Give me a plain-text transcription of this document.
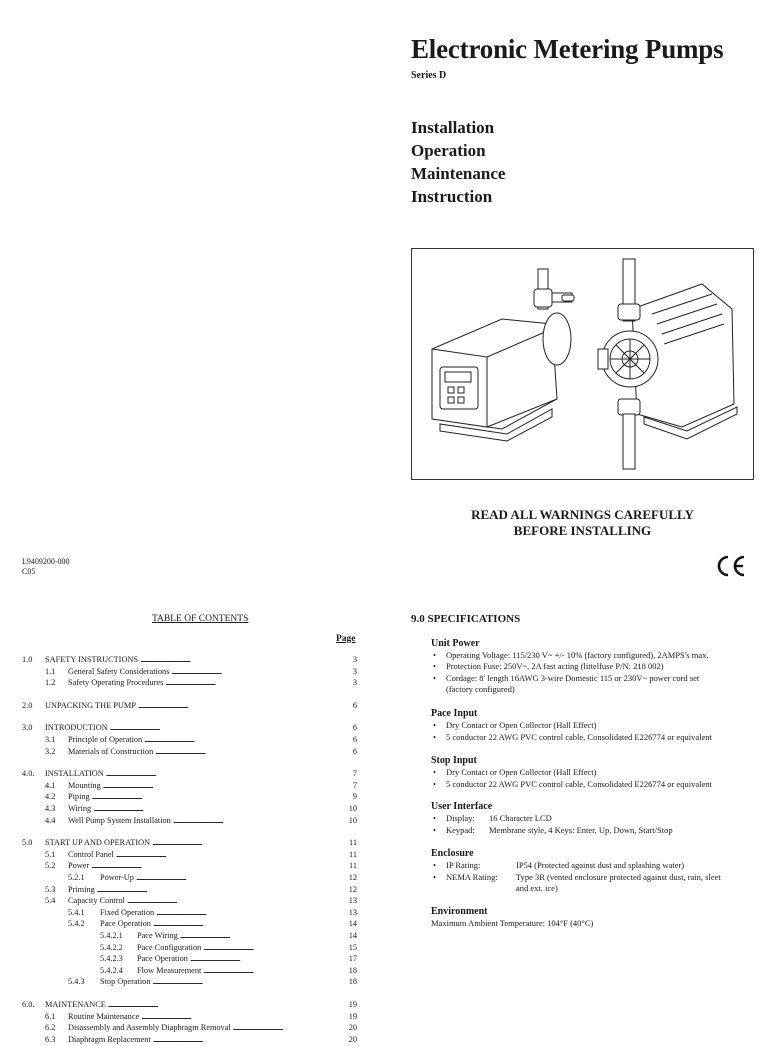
Electronic Metering Pumps
Series D
Installation
Operation
Maintenance
Instruction
READ ALL WARNINGS CAREFULLY
BEFORE INSTALLING
L9409200-000
C05
TABLE OF CONTENTS
Page
1.0 SAFETY INSTRUCTIONS . . .	3
1.1 General Safety Considerations . . .	3
1.2 Safety Operating Procedures . . .	3
2.0 UNPACKING THE PUMP . . .	6
3.0 INTRODUCTION . . .	6
3.1 Principle of Operation . . .	6
3.2 Materials of Construction . . .	6
4.0. INSTALLATION . . .	7
4.1 Mounting . . .	7
4.2 Piping . . .	9
4.3 Wiring . . .	10
4.4 Well Pump System Installation . . .	10
5.0 START UP AND OPERATION . . .	11
5.1 Control Panel . . .	11
5.2 Power . . .	11
5.2.1 Power-Up . . .	12
5.3 Priming . . .	12
5.4 Capacity Control . . .	13
5.4.1 Fixed Operation . . .	13
5.4.2 Pace Operation . . .	14
5.4.2.1 Pace Wiring . . .	14
5.4.2.2 Pace Configuration . . .	15
5.4.2.3 Pace Operation . . .	17
5.4.2.4 Flow Measurement . . .	18
5.4.3 Stop Operation . . .	18
6.0. MAINTENANCE . . .	19
6.1 Routine Maintenance . . .	19
6.2 Disassembly and Assembly Diaphragm Removal . . .	20
6.3 Diaphragm Replacement . . .	20
9.0 SPECIFICATIONS
Unit Power
• Operating Voltage: 115/230 V~ +/- 10% (factory configured), 2AMPS's max.
• Protection Fuse: 250V~, 2A fast acting (littelfuse P/N: 218 002)
• Cordage: 8' length 16AWG 3-wire Domestic 115 or 230V~ power cord set
(factory configured)
Pace Input
• Dry Contact or Open Collector (Hall Effect)
• 5 conductor 22 AWG PVC control cable, Consolidated E226774 or equivalent
Stop Input
• Dry Contact or Open Collector (Hall Effect)
• 5 conductor 22 AWG PVC control cable, Consolidated E226774 or equivalent
User Interface
• Display: 16 Character LCD
• Keypad: Membrane style, 4 Keys: Enter, Up, Down, Start/Stop
Enclosure
• IP Rating:	IP54 (Protected against dust and splashing water)
• NEMA Rating: Type 3R (vented enclosure protected against dust, rain, sleet
and ext. ice)
Environment
Maximum Ambient Temperature: 104°F (40°C)
